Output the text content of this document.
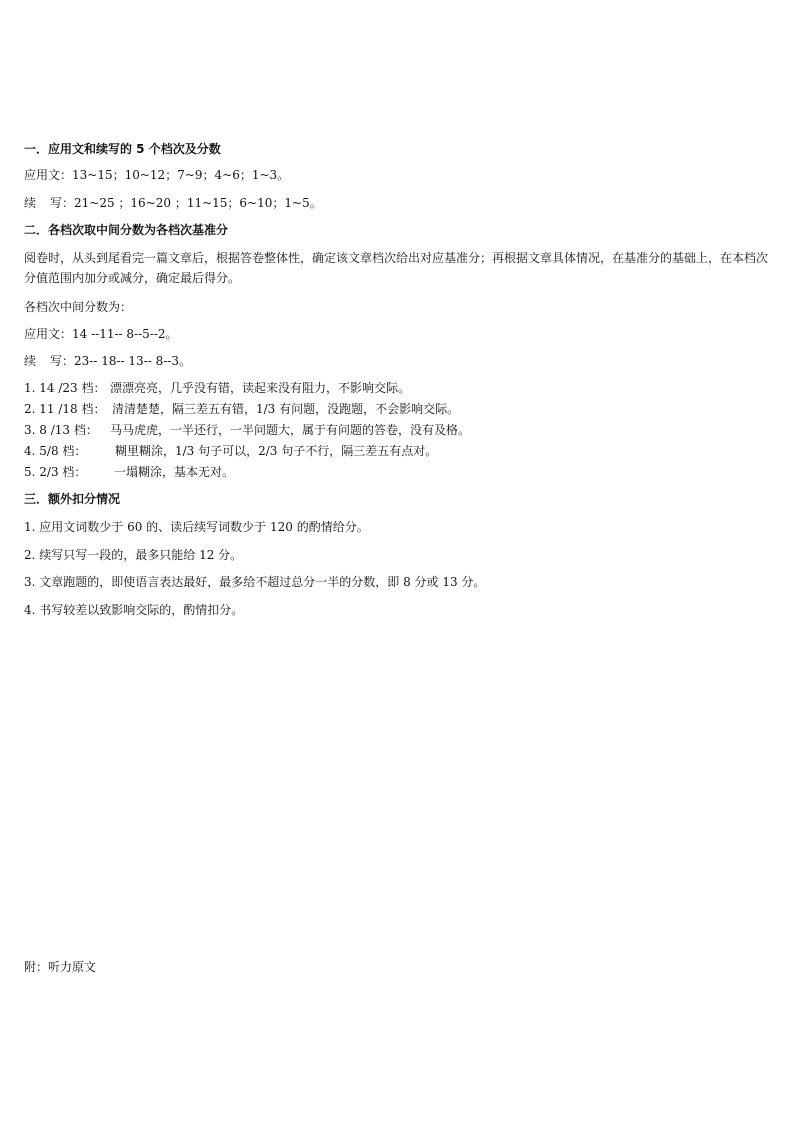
一．应用文和续写的 5 个档次及分数
应用文：13~15；10~12；7~9；4~6；1~3。
续 写：21~25 ；16~20 ；11~15；6~10；1~5。
二．各档次取中间分数为各档次基准分
阅卷时，从头到尾看完一篇文章后，根据答卷整体性，确定该文章档次给出对应基准分；再根据文章具体情况，在基准分的基础上，在本档次分值范围内加分或减分，确定最后得分。
各档次中间分数为：
应用文：14 --11-- 8--5--2。
续 写：23-- 18-- 13-- 8--3。
1. 14 /23 档： 漂漂亮亮，几乎没有错，读起来没有阻力，不影响交际。
2. 11 /18 档： 清清楚楚，隔三差五有错，1/3 有问题，没跑题，不会影响交际。
3. 8 /13 档： 马马虎虎，一半还行，一半问题大，属于有问题的答卷，没有及格。
4. 5/8 档： 糊里糊涂，1/3 句子可以，2/3 句子不行，隔三差五有点对。
5. 2/3 档： 一塌糊涂，基本无对。
三．额外扣分情况
1. 应用文词数少于 60 的、读后续写词数少于 120 的酌情给分。
2. 续写只写一段的，最多只能给 12 分。
3. 文章跑题的，即使语言表达最好，最多给不超过总分一半的分数，即 8 分或 13 分。
4. 书写较差以致影响交际的，酌情扣分。
附：听力原文
